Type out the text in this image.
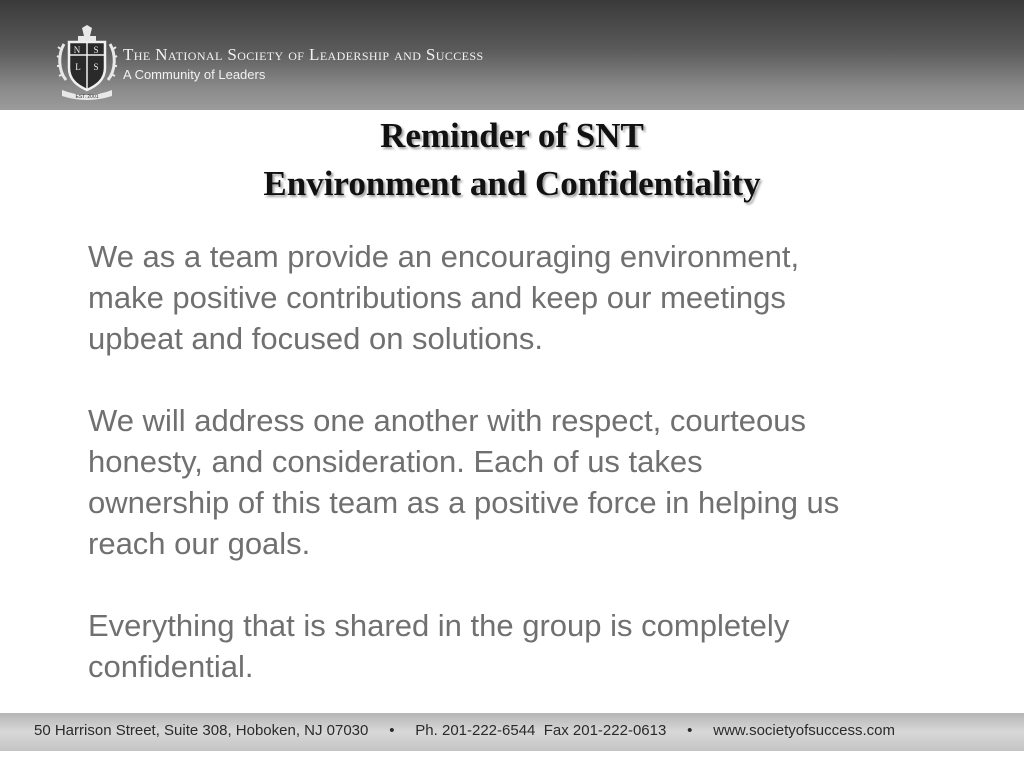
N S
L S
EST. 2001
The National Society of Leadership and Success
A Community of Leaders
Reminder of SNT
Environment and Confidentiality

We as a team provide an encouraging environment,
make positive contributions and keep our meetings
upbeat and focused on solutions.

We will address one another with respect, courteous
honesty, and consideration. Each of us takes
ownership of this team as a positive force in helping us
reach our goals.

Everything that is shared in the group is completely
confidential.

50 Harrison Street, Suite 308, Hoboken, NJ 07030     •     Ph. 201-222-6544  Fax 201-222-0613     •     www.societyofsuccess.com
